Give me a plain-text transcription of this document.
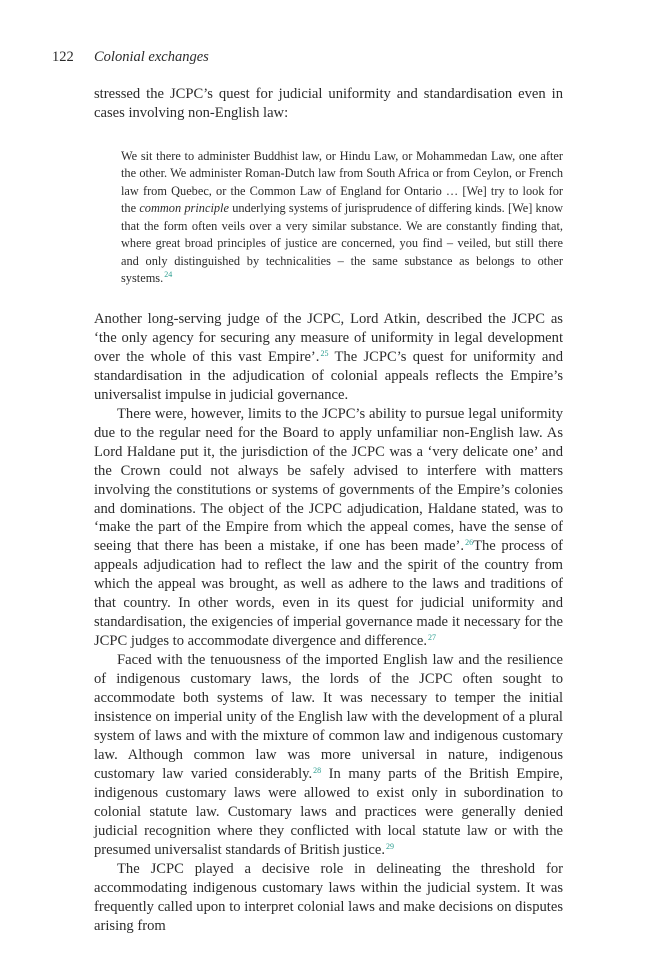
122 Colonial exchanges

stressed the JCPC’s quest for judicial uniformity and standardisation even in cases involving non-English law:

We sit there to administer Buddhist law, or Hindu Law, or Mohammedan Law, one after the other. We administer Roman-Dutch law from South Africa or from Ceylon, or French law from Quebec, or the Common Law of England for Ontario … [We] try to look for the common principle underlying systems of jurisprudence of differing kinds. [We] know that the form often veils over a very similar substance. We are constantly finding that, where great broad principles of justice are concerned, you find – veiled, but still there and only distinguished by technicalities – the same substance as belongs to other systems.$^{24}$

Another long-serving judge of the JCPC, Lord Atkin, described the JCPC as ‘the only agency for securing any measure of uniformity in legal development over the whole of this vast Empire’.$^{25}$ The JCPC’s quest for uniformity and standardisation in the adjudication of colonial appeals reflects the Empire’s universalist impulse in judicial governance.

There were, however, limits to the JCPC’s ability to pursue legal uniformity due to the regular need for the Board to apply unfamiliar non-English law. As Lord Haldane put it, the jurisdiction of the JCPC was a ‘very delicate one’ and the Crown could not always be safely advised to interfere with matters involving the constitutions or systems of governments of the Empire’s colonies and dominations. The object of the JCPC adjudication, Haldane stated, was to ‘make the part of the Empire from which the appeal comes, have the sense of seeing that there has been a mistake, if one has been made’.$^{26}$The process of appeals adjudication had to reflect the law and the spirit of the country from which the appeal was brought, as well as adhere to the laws and traditions of that country. In other words, even in its quest for judicial uniformity and standardisation, the exigencies of imperial governance made it necessary for the JCPC judges to accommodate divergence and difference.$^{27}$

Faced with the tenuousness of the imported English law and the resilience of indigenous customary laws, the lords of the JCPC often sought to accommodate both systems of law. It was necessary to temper the initial insistence on imperial unity of the English law with the development of a plural system of laws and with the mixture of common law and indigenous customary law. Although common law was more universal in nature, indigenous customary law varied considerably.$^{28}$ In many parts of the British Empire, indigenous customary laws were allowed to exist only in subordination to colonial statute law. Customary laws and practices were generally denied judicial recognition where they conflicted with local statute law or with the presumed universalist standards of British justice.$^{29}$

The JCPC played a decisive role in delineating the threshold for accommodating indigenous customary laws within the judicial system. It was frequently called upon to interpret colonial laws and make decisions on disputes arising from
